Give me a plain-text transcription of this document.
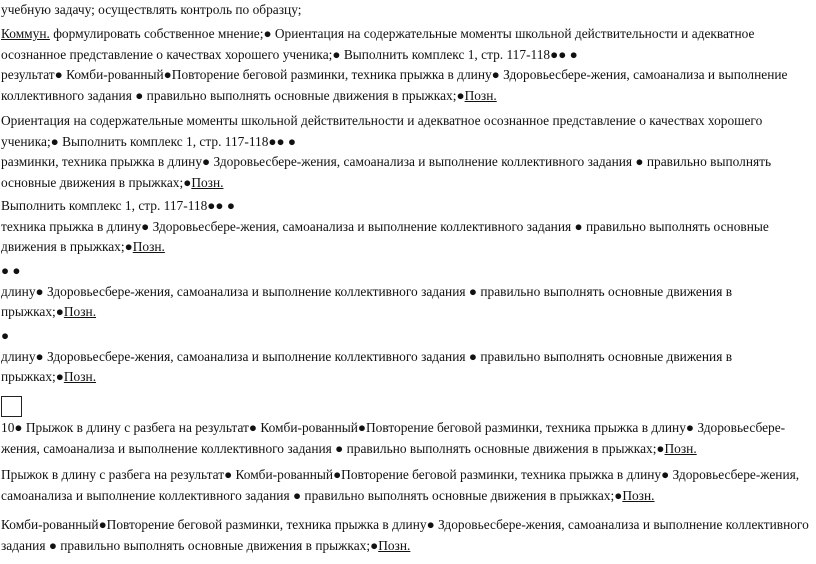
учебную задачу; осуществлять контроль по образцу;
Коммун. формулировать собственное мнение;● Ориентация на содержательные моменты школьной действительности и адекватное осознанное представление о качествах хорошего ученика;● Выполнить комплекс 1, стр. 117-118●● ●
результат● Комби-рованный●Повторение беговой разминки, техника прыжка в длину● Здоровьесбере-жения, самоанализа и выполнение коллективного задания ● правильно выполнять основные движения в прыжках;●Позн.
Ориентация на содержательные моменты школьной действительности и адекватное осознанное представление о качествах хорошего ученика;● Выполнить комплекс 1, стр. 117-118●● ●
разминки, техника прыжка в длину● Здоровьесбере-жения, самоанализа и выполнение коллективного задания ● правильно выполнять основные движения в прыжках;●Позн.
Выполнить комплекс 1, стр. 117-118●● ●
техника прыжка в длину● Здоровьесбере-жения, самоанализа и выполнение коллективного задания ● правильно выполнять основные движения в прыжках;●Позн.
● ●
длину● Здоровьесбере-жения, самоанализа и выполнение коллективного задания ● правильно выполнять основные движения в прыжках;●Позн.
●
длину● Здоровьесбере-жения, самоанализа и выполнение коллективного задания ● правильно выполнять основные движения в прыжках;●Позн.
10● Прыжок в длину с разбега на результат● Комби-рованный●Повторение беговой разминки, техника прыжка в длину● Здоровьесбере-жения, самоанализа и выполнение коллективного задания ● правильно выполнять основные движения в прыжках;●Позн.
Прыжок в длину с разбега на результат● Комби-рованный●Повторение беговой разминки, техника прыжка в длину● Здоровьесбере-жения, самоанализа и выполнение коллективного задания ● правильно выполнять основные движения в прыжках;●Позн.
Комби-рованный●Повторение беговой разминки, техника прыжка в длину● Здоровьесбере-жения, самоанализа и выполнение коллективного задания ● правильно выполнять основные движения в прыжках;●Позн.
